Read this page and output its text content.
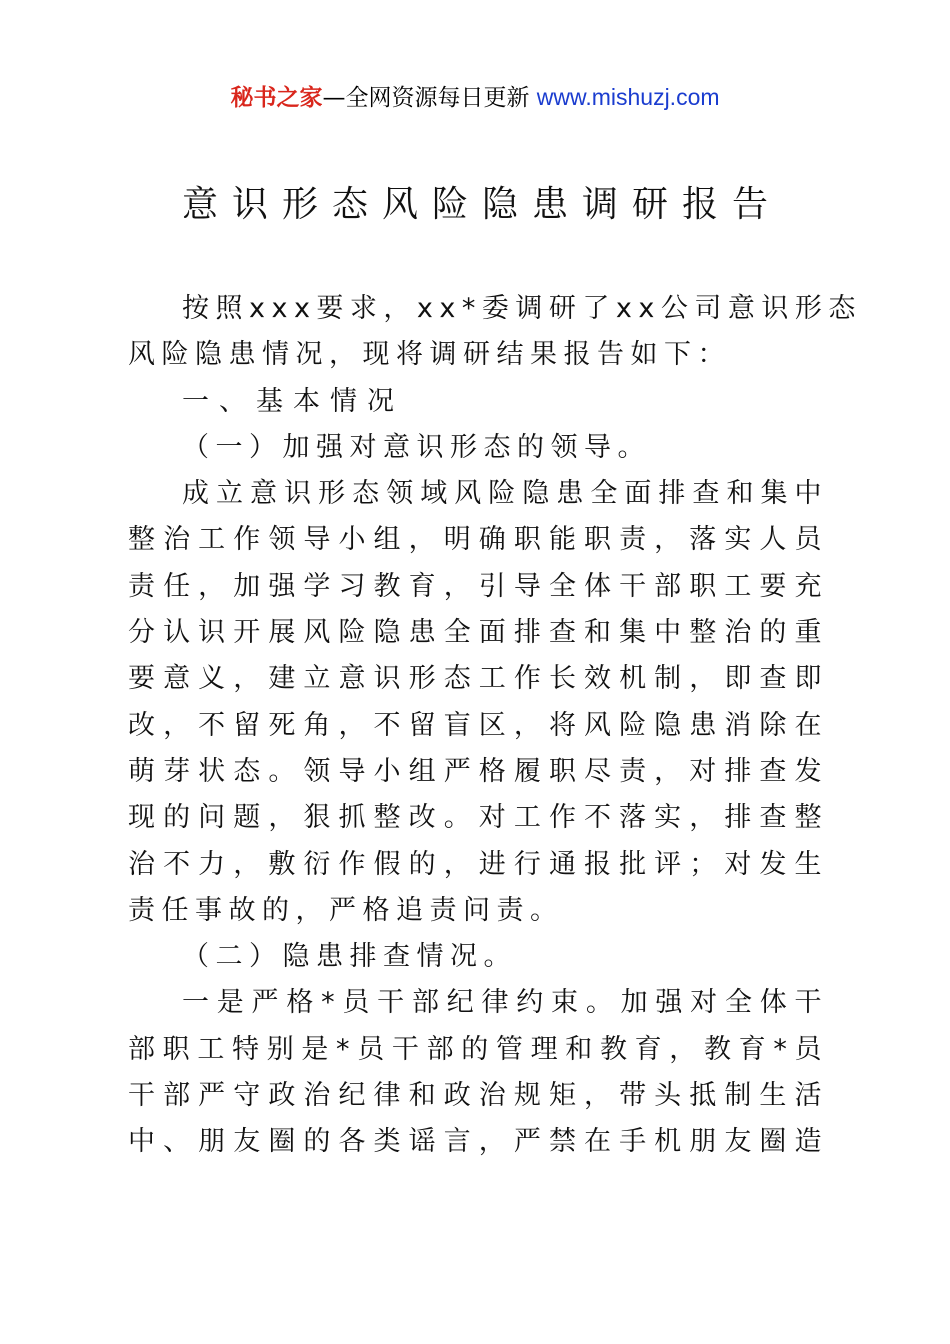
秘书之家—全网资源每日更新 www.mishuzj.com
意识形态风险隐患调研报告

按照xxx要求，xx*委调研了xx公司意识形态
风险隐患情况，现将调研结果报告如下：

一、基本情况

（一）加强对意识形态的领导。

成立意识形态领域风险隐患全面排查和集中
整治工作领导小组，明确职能职责，落实人员
责任，加强学习教育，引导全体干部职工要充
分认识开展风险隐患全面排查和集中整治的重
要意义，建立意识形态工作长效机制，即查即
改，不留死角，不留盲区，将风险隐患消除在
萌芽状态。领导小组严格履职尽责，对排查发
现的问题，狠抓整改。对工作不落实，排查整
治不力，敷衍作假的，进行通报批评；对发生
责任事故的，严格追责问责。

（二）隐患排查情况。

一是严格*员干部纪律约束。加强对全体干
部职工特别是*员干部的管理和教育，教育*员
干部严守政治纪律和政治规矩，带头抵制生活
中、朋友圈的各类谣言，严禁在手机朋友圈造
